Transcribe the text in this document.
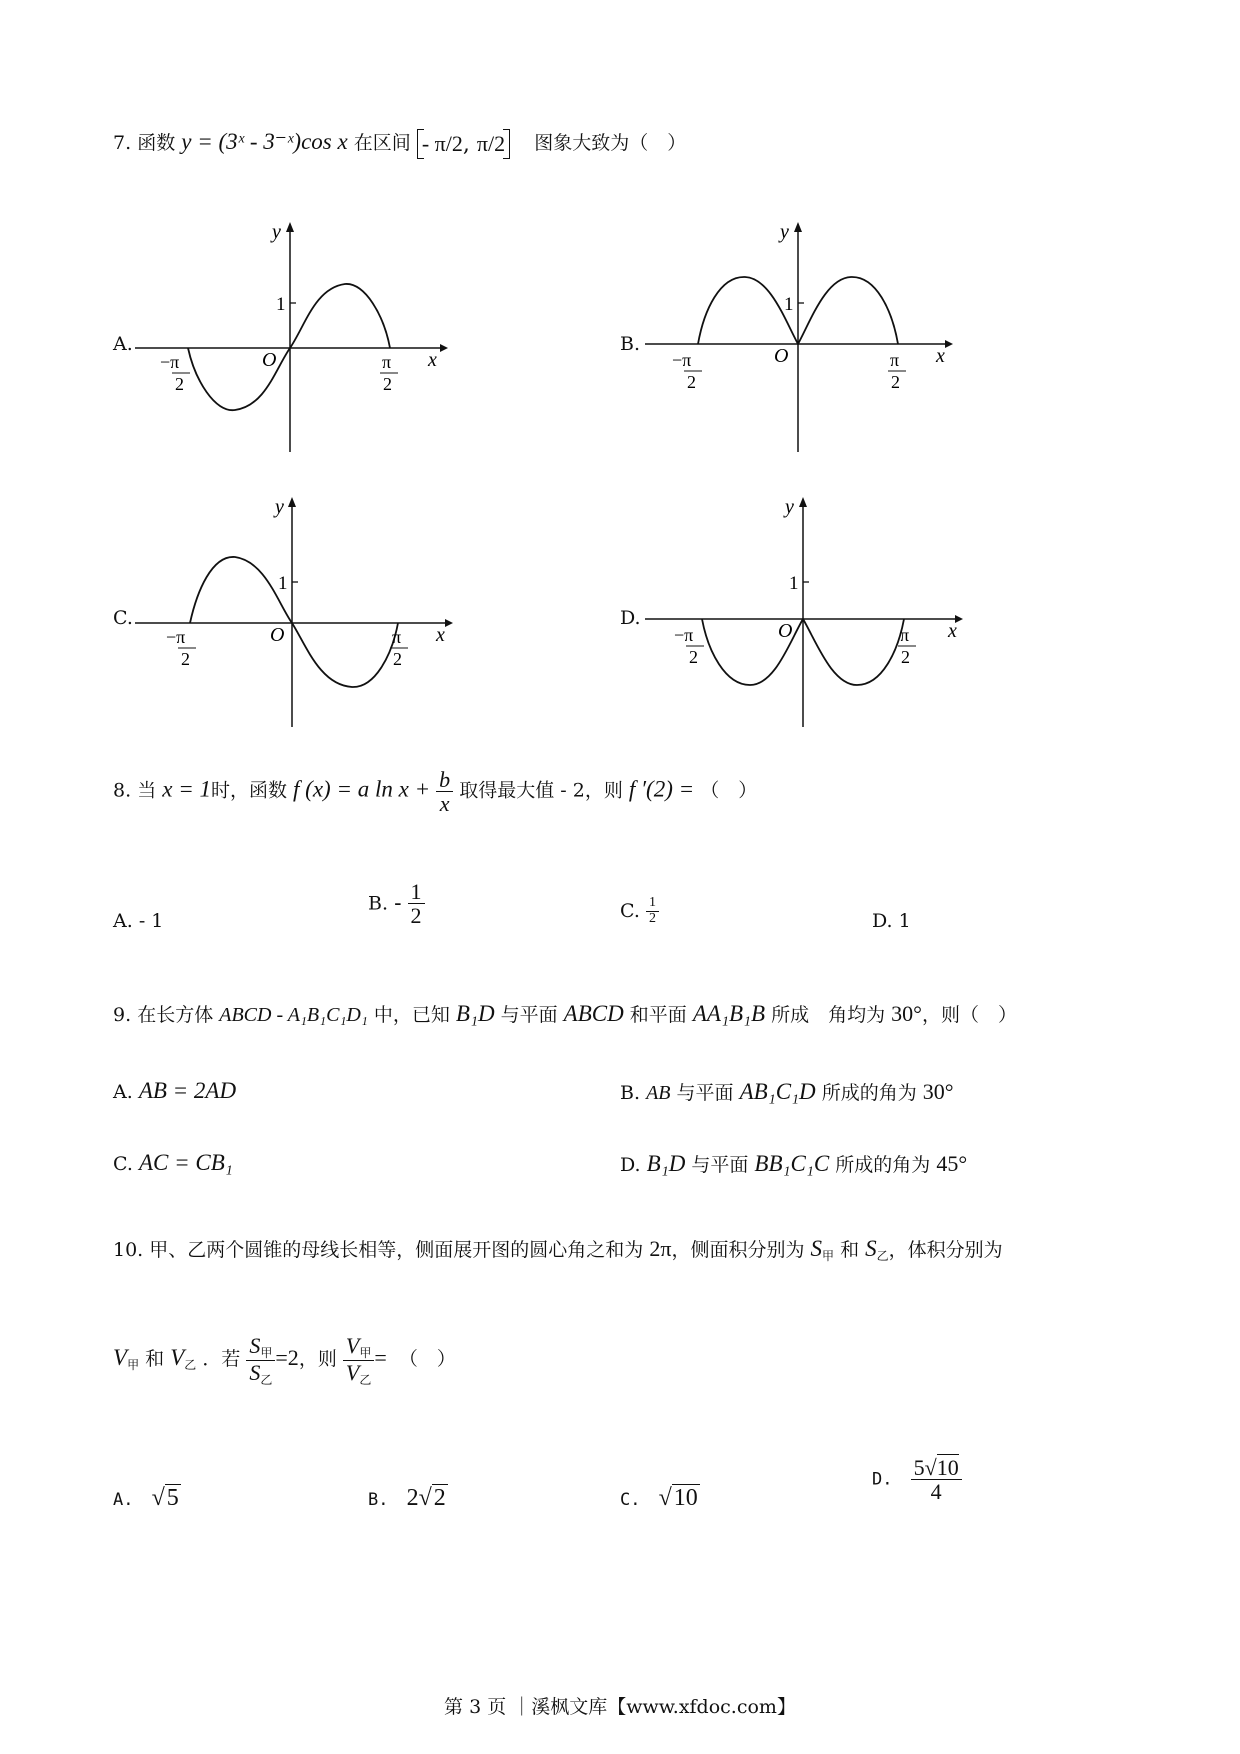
7. 函数 y = (3ˣ - 3⁻ˣ)cos x 在区间 - π/2, π/2 图象大致为（　）
A.
y
1
O	x
−π
2
π
2
B.
y
1
O	x
−π
2
π
2
C.
y
1
O	x
−π
2
π
2
D.
y
1
O	x
−π
2
π
2
8. 当 x = 1时，函数 f (x) = a $\ln x + \frac{b}{x}$ 取得最大值 - 2，则 f ′(2) = （　）
A. - 1
B. - $\frac{1}{2}$	C. $\frac{1}{2}$	D. 1
9. 在长方体 ABCD - A₁B₁C₁D₁ 中，已知 B₁D 与平面 ABCD 和平面 AA₁B₁B 所成　角均为 30°，则（　）
A. AB = 2AD	B. AB 与平面 AB₁C₁D 所成的角为 30°
C. AC = CB₁	D. B₁D 与平面 BB₁C₁C 所成的角为 45°
10. 甲、乙两个圆锥的母线长相等，侧面展开图的圆心角之和为 2π，侧面积分别为 $S_甲$ 和 $S_乙$，体积分别为
$V_甲$ 和 $V_乙$ ．若 $\frac{S_甲}{S_乙} =2$，则 $\frac{V_甲}{V_乙}$ = （　）
A. √5	B. 2√2	C. √10
D. $\frac{5√10}{4}$
第 3 页 ｜溪枫文库【www.xfdoc.com】
